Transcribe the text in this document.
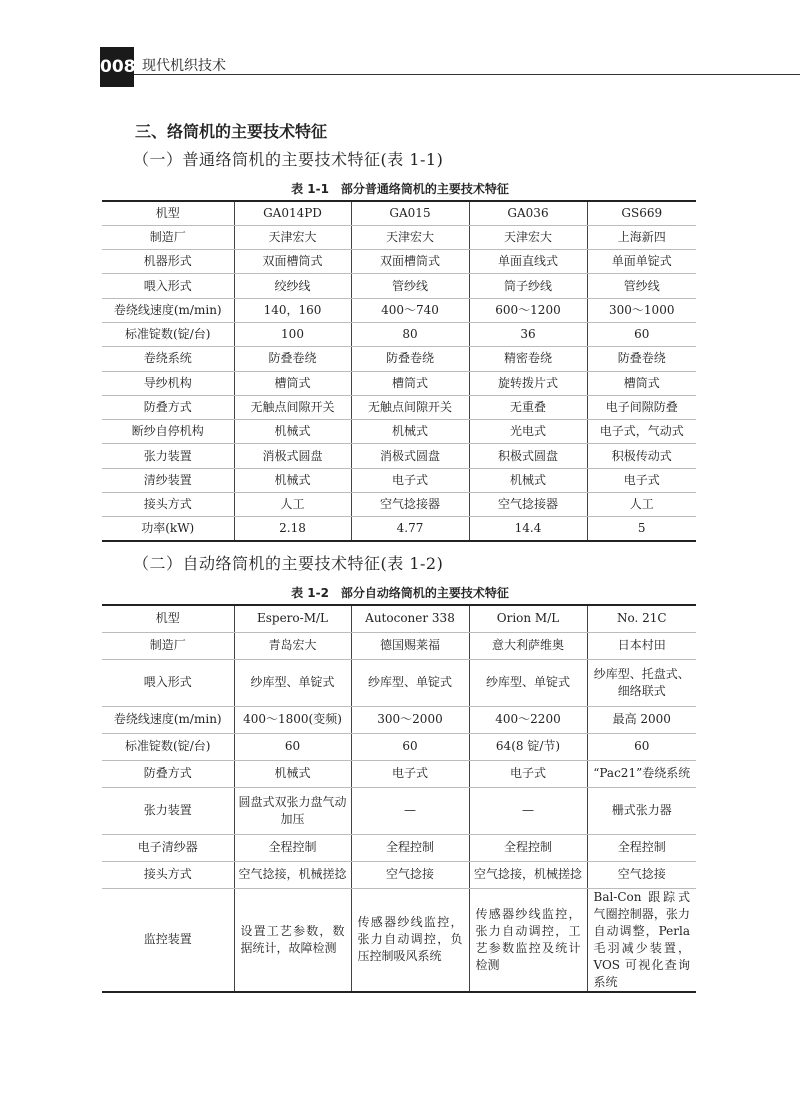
008 现代机织技术
三、络筒机的主要技术特征
（一）普通络筒机的主要技术特征(表 1-1)
表 1-1　部分普通络筒机的主要技术特征
机型	GA014PD	GA015	GA036	GS669
制造厂	天津宏大	天津宏大	天津宏大	上海新四
机器形式	双面槽筒式	双面槽筒式	单面直线式	单面单锭式
喂入形式	绞纱线	管纱线	筒子纱线	管纱线
卷绕线速度(m/min)	140，160	400～740	600～1200	300～1000
标准锭数(锭/台)	100	80	36	60
卷绕系统	防叠卷绕	防叠卷绕	精密卷绕	防叠卷绕
导纱机构	槽筒式	槽筒式	旋转拨片式	槽筒式
防叠方式	无触点间隙开关	无触点间隙开关	无重叠	电子间隙防叠
断纱自停机构	机械式	机械式	光电式	电子式，气动式
张力装置	消极式圆盘	消极式圆盘	积极式圆盘	积极传动式
清纱装置	机械式	电子式	机械式	电子式
接头方式	人工	空气捻接器	空气捻接器	人工
功率(kW)	2.18	4.77	14.4	5
（二）自动络筒机的主要技术特征(表 1-2)
表 1-2　部分自动络筒机的主要技术特征
机型	Espero-M/L	Autoconer 338	Orion M/L	No. 21C
制造厂	青岛宏大	德国赐莱福	意大利萨维奥	日本村田
喂入形式	纱库型、单锭式	纱库型、单锭式	纱库型、单锭式	纱库型、托盘式、细络联式
卷绕线速度(m/min)	400～1800(变频)	300～2000	400～2200	最高 2000
标准锭数(锭/台)	60	60	64(8 锭/节)	60
防叠方式	机械式	电子式	电子式	“Pac21”卷绕系统
张力装置	圆盘式双张力盘气动加压	—	—	栅式张力器
电子清纱器	全程控制	全程控制	全程控制	全程控制
接头方式	空气捻接，机械搓捻	空气捻接	空气捻接，机械搓捻	空气捻接
监控装置	设置工艺参数，数据统计，故障检测	传感器纱线监控，张力自动调控，负压控制吸风系统	传感器纱线监控，张力自动调控，工艺参数监控及统计检测	Bal-Con 跟踪式气圈控制器，张力自动调整，Perla 毛羽减少装置，VOS 可视化查询系统
